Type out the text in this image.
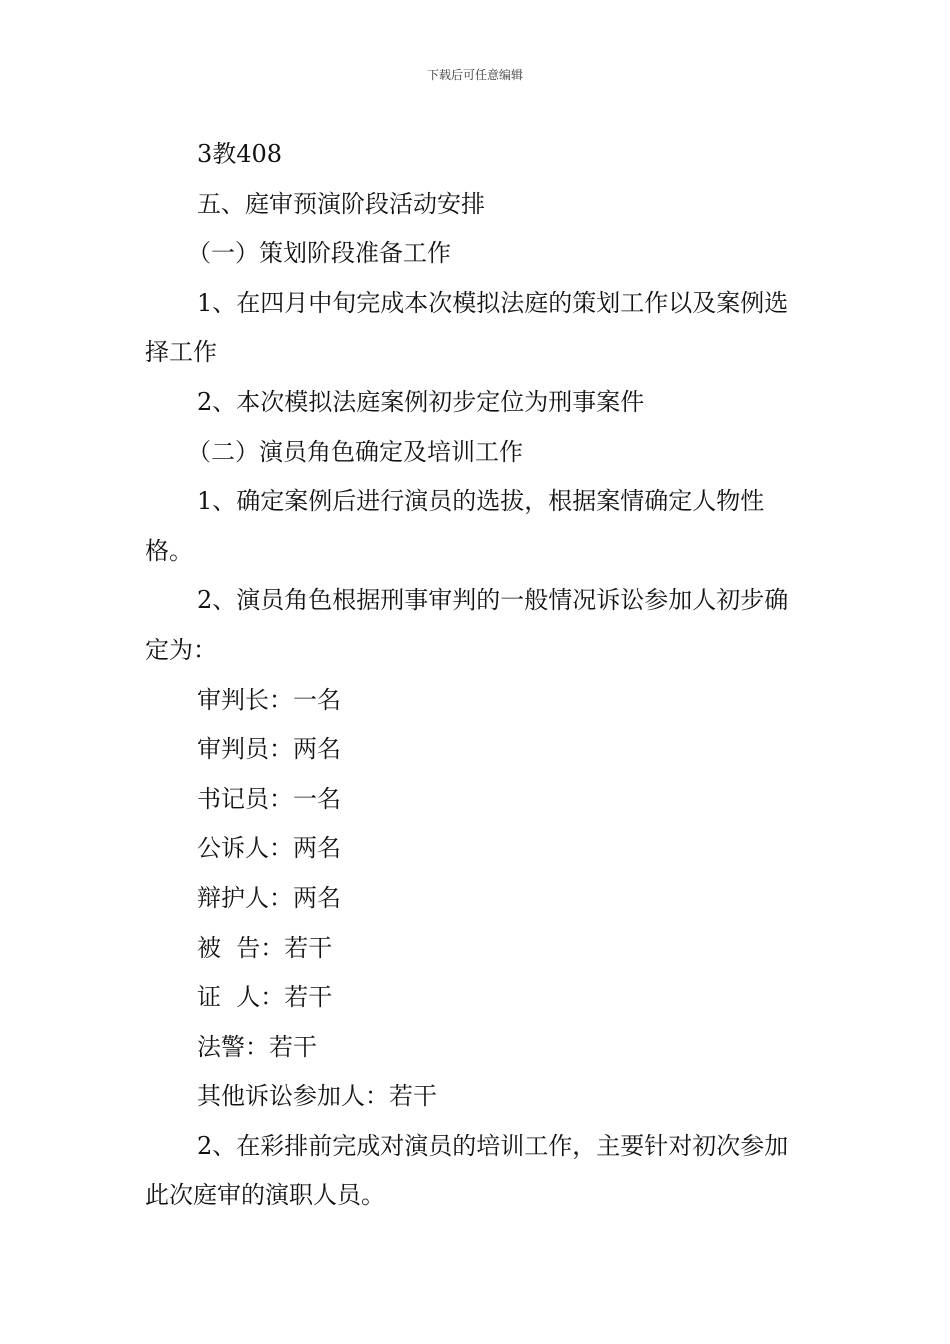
下载后可任意编辑

3教408

五、庭审预演阶段活动安排

（一）策划阶段准备工作

1、在四月中旬完成本次模拟法庭的策划工作以及案例选择工作

2、本次模拟法庭案例初步定位为刑事案件

（二）演员角色确定及培训工作

1、确定案例后进行演员的选拔，根据案情确定人物性格。

2、演员角色根据刑事审判的一般情况诉讼参加人初步确定为：

审判长：一名

审判员：两名

书记员：一名

公诉人：两名

辩护人：两名

被  告：若干

证  人：若干

法警：若干

其他诉讼参加人：若干

2、在彩排前完成对演员的培训工作，主要针对初次参加此次庭审的演职人员。
